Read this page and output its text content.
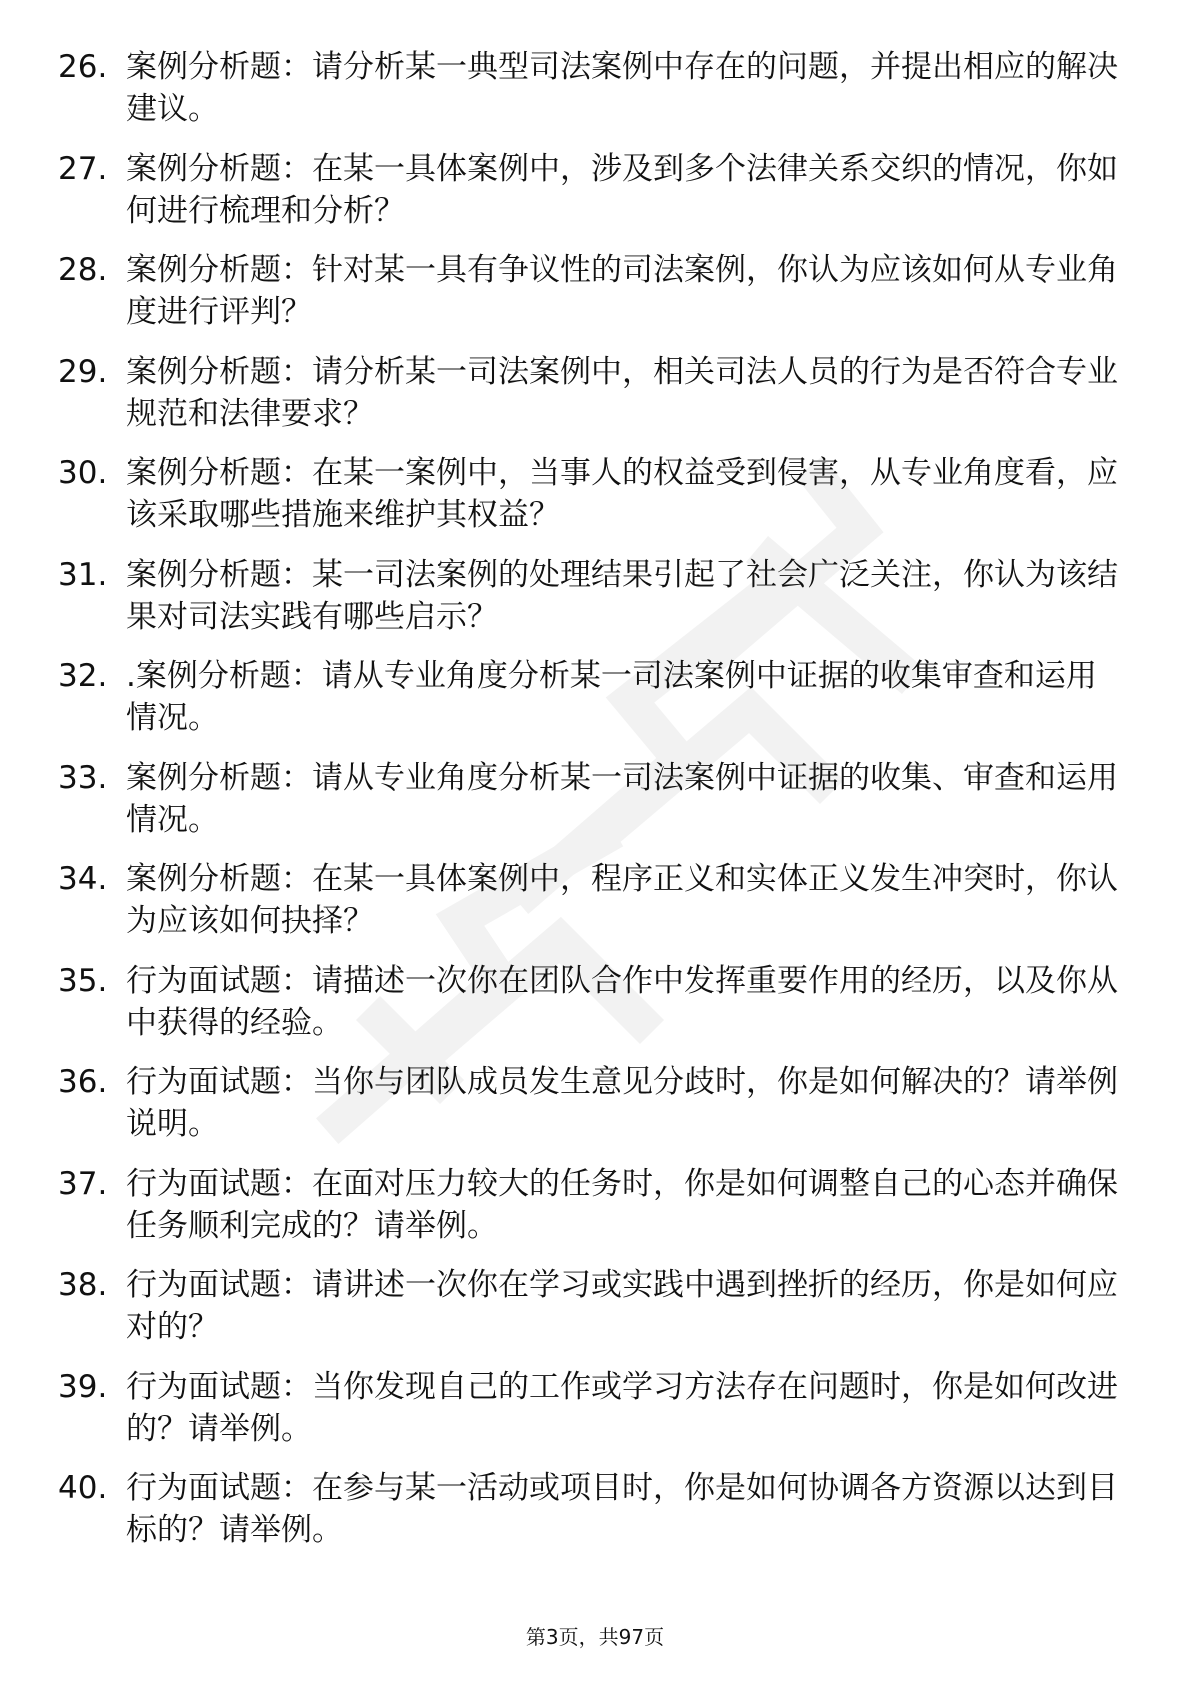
26. 案例分析题：请分析某一典型司法案例中存在的问题，并提出相应的解决建议。
27. 案例分析题：在某一具体案例中，涉及到多个法律关系交织的情况，你如何进行梳理和分析？
28. 案例分析题：针对某一具有争议性的司法案例，你认为应该如何从专业角度进行评判？
29. 案例分析题：请分析某一司法案例中，相关司法人员的行为是否符合专业规范和法律要求？
30. 案例分析题：在某一案例中，当事人的权益受到侵害，从专业角度看，应该采取哪些措施来维护其权益？
31. 案例分析题：某一司法案例的处理结果引起了社会广泛关注，你认为该结果对司法实践有哪些启示？
32. .案例分析题：请从专业角度分析某一司法案例中证据的收集审查和运用情况。
33. 案例分析题：请从专业角度分析某一司法案例中证据的收集、审查和运用情况。
34. 案例分析题：在某一具体案例中，程序正义和实体正义发生冲突时，你认为应该如何抉择？
35. 行为面试题：请描述一次你在团队合作中发挥重要作用的经历，以及你从中获得的经验。
36. 行为面试题：当你与团队成员发生意见分歧时，你是如何解决的？请举例说明。
37. 行为面试题：在面对压力较大的任务时，你是如何调整自己的心态并确保任务顺利完成的？请举例。
38. 行为面试题：请讲述一次你在学习或实践中遇到挫折的经历，你是如何应对的？
39. 行为面试题：当你发现自己的工作或学习方法存在问题时，你是如何改进的？请举例。
40. 行为面试题：在参与某一活动或项目时，你是如何协调各方资源以达到目标的？请举例。
第3页，共97页
